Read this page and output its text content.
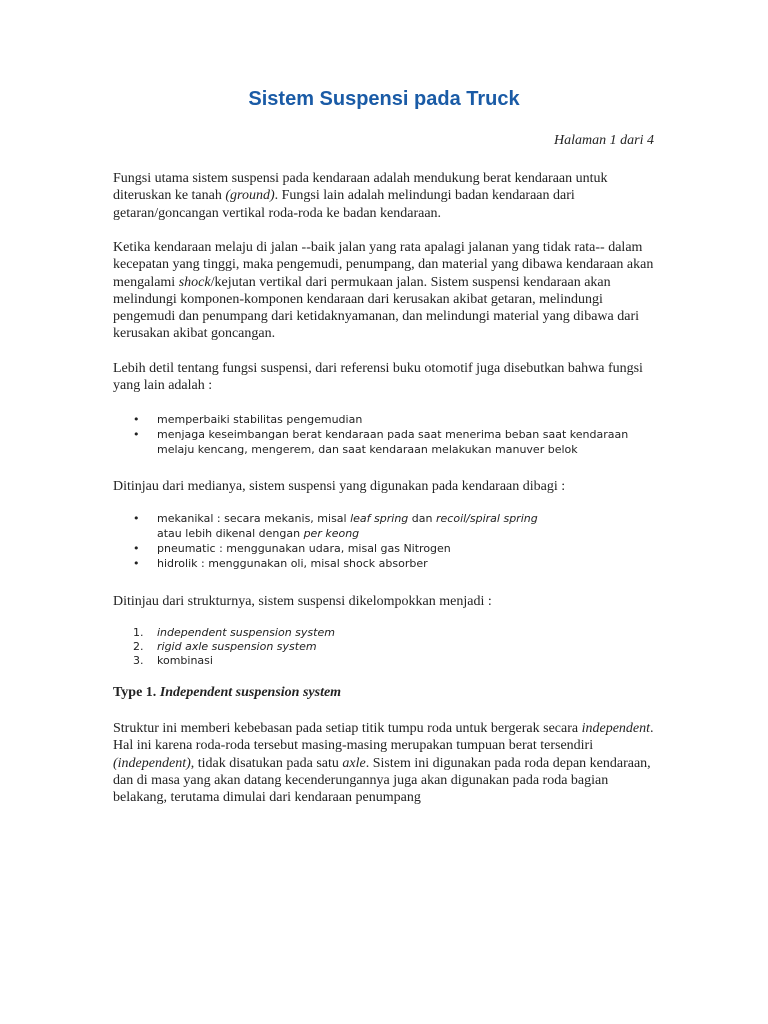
Sistem Suspensi pada Truck

Halaman 1 dari 4

Fungsi utama sistem suspensi pada kendaraan adalah mendukung berat kendaraan untuk diteruskan ke tanah (ground). Fungsi lain adalah melindungi badan kendaraan dari getaran/goncangan vertikal roda-roda ke badan kendaraan.

Ketika kendaraan melaju di jalan --baik jalan yang rata apalagi jalanan yang tidak rata-- dalam kecepatan yang tinggi, maka pengemudi, penumpang, dan material yang dibawa kendaraan akan mengalami shock/kejutan vertikal dari permukaan jalan. Sistem suspensi kendaraan akan melindungi komponen-komponen kendaraan dari kerusakan akibat getaran, melindungi pengemudi dan penumpang dari ketidaknyamanan, dan melindungi material yang dibawa dari kerusakan akibat goncangan.

Lebih detil tentang fungsi suspensi, dari referensi buku otomotif juga disebutkan bahwa fungsi yang lain adalah :

• memperbaiki stabilitas pengemudian
• menjaga keseimbangan berat kendaraan pada saat menerima beban saat kendaraan melaju kencang, mengerem, dan saat kendaraan melakukan manuver belok

Ditinjau dari medianya, sistem suspensi yang digunakan pada kendaraan dibagi :

• mekanikal : secara mekanis, misal leaf spring dan recoil/spiral spring
atau lebih dikenal dengan per keong
• pneumatic : menggunakan udara, misal gas Nitrogen
• hidrolik : menggunakan oli, misal shock absorber

Ditinjau dari strukturnya, sistem suspensi dikelompokkan menjadi :

1. independent suspension system
2. rigid axle suspension system
3. kombinasi
Type 1. Independent suspension system

Struktur ini memberi kebebasan pada setiap titik tumpu roda untuk bergerak secara independent. Hal ini karena roda-roda tersebut masing-masing merupakan tumpuan berat tersendiri (independent), tidak disatukan pada satu axle. Sistem ini digunakan pada roda depan kendaraan, dan di masa yang akan datang kecenderungannya juga akan digunakan pada roda bagian belakang, terutama dimulai dari kendaraan penumpang
